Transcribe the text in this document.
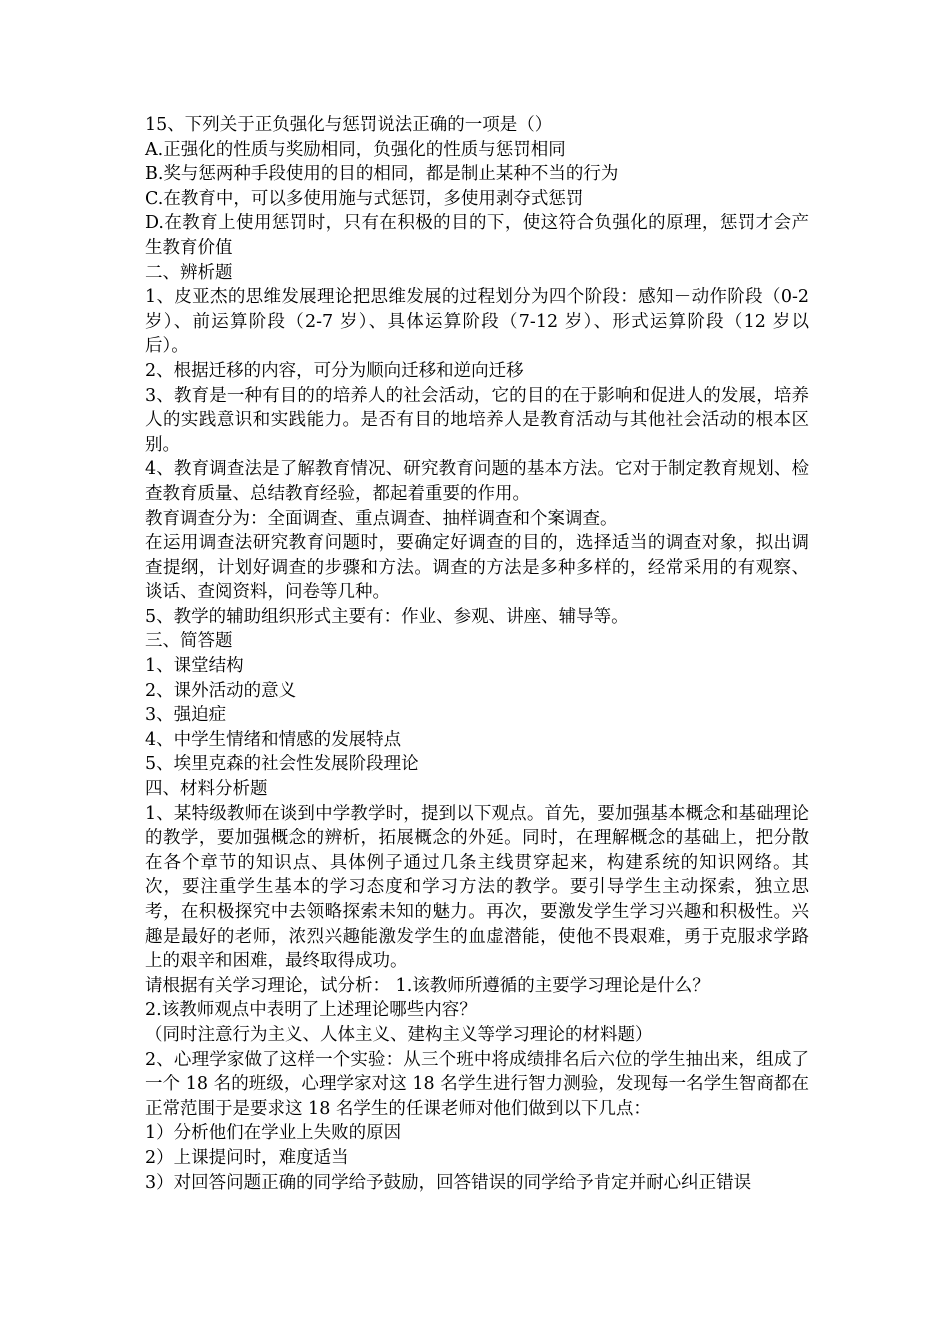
15、下列关于正负强化与惩罚说法正确的一项是（）

A.正强化的性质与奖励相同，负强化的性质与惩罚相同

B.奖与惩两种手段使用的目的相同，都是制止某种不当的行为

C.在教育中，可以多使用施与式惩罚，多使用剥夺式惩罚

D.在教育上使用惩罚时，只有在积极的目的下，使这符合负强化的原理，惩罚才会产生教育价值

二、辨析题

1、皮亚杰的思维发展理论把思维发展的过程划分为四个阶段：感知－动作阶段（0-2 岁）、前运算阶段（2-7 岁）、具体运算阶段（7-12 岁）、形式运算阶段（12 岁以后）。

2、根据迁移的内容，可分为顺向迁移和逆向迁移

3、教育是一种有目的的培养人的社会活动，它的目的在于影响和促进人的发展，培养人的实践意识和实践能力。是否有目的地培养人是教育活动与其他社会活动的根本区别。

4、教育调查法是了解教育情况、研究教育问题的基本方法。它对于制定教育规划、检查教育质量、总结教育经验，都起着重要的作用。

教育调查分为：全面调查、重点调查、抽样调查和个案调查。

在运用调查法研究教育问题时，要确定好调查的目的，选择适当的调查对象，拟出调查提纲，计划好调查的步骤和方法。调查的方法是多种多样的，经常采用的有观察、谈话、查阅资料，问卷等几种。

5、教学的辅助组织形式主要有：作业、参观、讲座、辅导等。

三、简答题

1、课堂结构

2、课外活动的意义

3、强迫症

4、中学生情绪和情感的发展特点

5、埃里克森的社会性发展阶段理论

四、材料分析题

1、某特级教师在谈到中学教学时，提到以下观点。首先，要加强基本概念和基础理论的教学，要加强概念的辨析，拓展概念的外延。同时，在理解概念的基础上，把分散在各个章节的知识点、具体例子通过几条主线贯穿起来，构建系统的知识网络。其次，要注重学生基本的学习态度和学习方法的教学。要引导学生主动探索，独立思考，在积极探究中去领略探索未知的魅力。再次，要激发学生学习兴趣和积极性。兴趣是最好的老师，浓烈兴趣能激发学生的血虚潜能，使他不畏艰难，勇于克服求学路上的艰辛和困难，最终取得成功。

请根据有关学习理论，试分析： 1.该教师所遵循的主要学习理论是什么？

2.该教师观点中表明了上述理论哪些内容？

（同时注意行为主义、人体主义、建构主义等学习理论的材料题）

2、心理学家做了这样一个实验：从三个班中将成绩排名后六位的学生抽出来，组成了一个 18 名的班级，心理学家对这 18 名学生进行智力测验，发现每一名学生智商都在正常范围于是要求这 18 名学生的任课老师对他们做到以下几点：

1）分析他们在学业上失败的原因

2）上课提问时，难度适当

3）对回答问题正确的同学给予鼓励，回答错误的同学给予肯定并耐心纠正错误
